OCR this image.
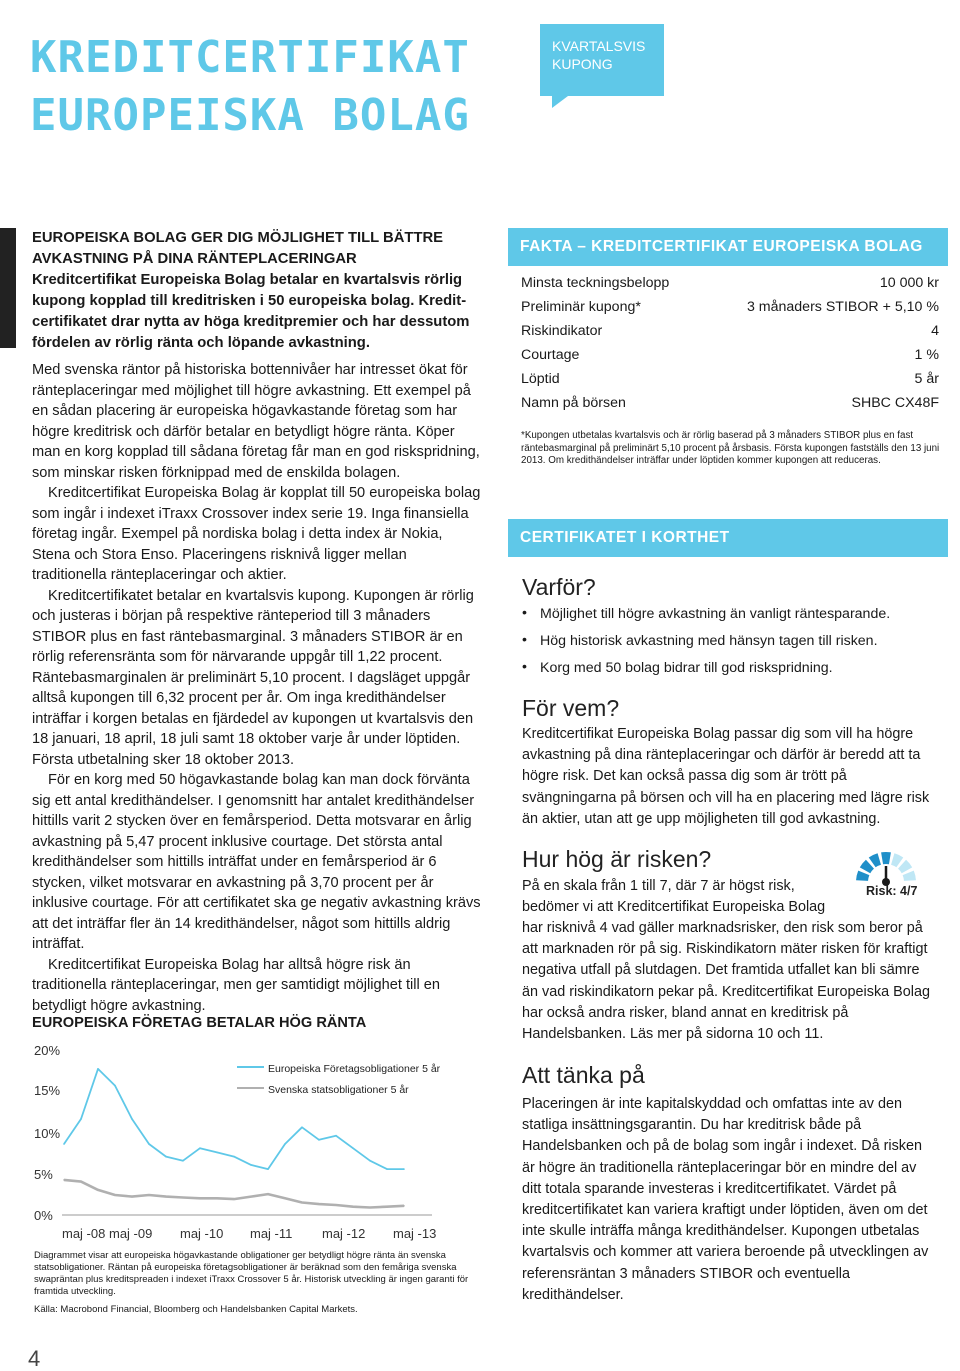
KREDITCERTIFIKAT
EUROPEISKA BOLAG
KVARTALSVIS
KUPONG

EUROPEISKA BOLAG GER DIG MÖJLIGHET TILL BÄTTRE

AVKASTNING PÅ DINA RÄNTEPLACERINGAR

Kreditcertifikat Europeiska Bolag betalar en kvartalsvis rörlig

kupong kopplad till kreditrisken i 50 europeiska bolag. Kredit-

certifikatet drar nytta av höga kreditpremier och har dessutom

fördelen av rörlig ränta och löpande avkastning.

Med svenska räntor på historiska bottennivåer har intresset ökat för ränteplaceringar med möjlighet till högre avkastning. Ett exempel på en sådan placering är europeiska högavkastande företag som har högre kreditrisk och därför betalar en betydligt högre ränta. Köper man en korg kopplad till sådana företag får man en god riskspridning, som minskar risken förknippad med de enskilda bolagen.

Kreditcertifikat Europeiska Bolag är kopplat till 50 europeiska bolag som ingår i indexet iTraxx Crossover index serie 19. Inga finansiella företag ingår. Exempel på nordiska bolag i detta index är Nokia, Stena och Stora Enso. Placeringens risknivå ligger mellan traditionella ränteplaceringar och aktier.

Kreditcertifikatet betalar en kvartalsvis kupong. Kupongen är rörlig och justeras i början på respektive ränteperiod till 3 månaders STIBOR plus en fast räntebasmarginal. 3 månaders STIBOR är en rörlig referensränta som för närvarande uppgår till 1,22 procent. Räntebasmarginalen är preliminärt 5,10 procent. I dagsläget uppgår alltså kupongen till 6,32 procent per år. Om inga kredithändelser inträffar i korgen betalas en fjärdedel av kupongen ut kvartalsvis den 18 januari, 18 april, 18 juli samt 18 oktober varje år under löptiden. Första utbetalning sker 18 oktober 2013.

För en korg med 50 högavkastande bolag kan man dock förvänta sig ett antal kredithändelser. I genomsnitt har antalet kredithändelser hittills varit 2 stycken över en femårsperiod. Detta motsvarar en årlig avkastning på 5,47 procent inklusive courtage. Det största antal kredithändelser som hittills inträffat under en femårsperiod är 6 stycken, vilket motsvarar en avkastning på 3,70 procent per år inklusive courtage. För att certifikatet ska ge negativ avkastning krävs att det inträffar fler än 14 kredithändelser, något som hittills aldrig inträffat.

Kreditcertifikat Europeiska Bolag har alltså högre risk än traditionella ränteplaceringar, men ger samtidigt möjlighet till en betydligt högre avkastning.

EUROPEISKA FÖRETAG BETALAR HÖG RÄNTA
20%
15%
10%
5%
0%
maj -08 maj -09 maj -10 maj -11 maj -12 maj -13
Europeiska Företagsobligationer 5 år
Svenska statsobligationer 5 år
Diagrammet visar att europeiska högavkastande obligationer ger betydligt högre ränta än svenska statsobligationer. Räntan på europeiska företagsobligationer är beräknad som den femåriga svenska swapräntan plus kreditspreaden i indexet iTraxx Crossover 5 år. Historisk utveckling är ingen garanti för framtida utveckling.
Källa: Macrobond Financial, Bloomberg och Handelsbanken Capital Markets.
4
FAKTA – KREDITCERTIFIKAT EUROPEISKA BOLAG
Minsta teckningsbelopp	10 000 kr
Preliminär kupong*	3 månaders STIBOR + 5,10 %
Riskindikator	4
Courtage	1 %
Löptid	5 år
Namn på börsen	SHBC CX48F
*Kupongen utbetalas kvartalsvis och är rörlig baserad på 3 månaders STIBOR plus en fast räntebasmarginal på preliminärt 5,10 procent på årsbasis. Första kupongen fastställs den 13 juni 2013. Om kredithändelser inträffar under löptiden kommer kupongen att reduceras.
CERTIFIKATET I KORTHET
Varför?
• Möjlighet till högre avkastning än vanligt räntesparande.
• Hög historisk avkastning med hänsyn tagen till risken.
• Korg med 50 bolag bidrar till god riskspridning.
För vem?
Kreditcertifikat Europeiska Bolag passar dig som vill ha högre avkastning på dina ränteplaceringar och därför är beredd att ta högre risk. Det kan också passa dig som är trött på svängningarna på börsen och vill ha en placering med lägre risk än aktier, utan att ge upp möjligheten till god avkastning.
Hur hög är risken?
På en skala från 1 till 7, där 7 är högst risk,
bedömer vi att Kreditcertifikat Europeiska Bolag
har risknivå 4 vad gäller marknadsrisker, den risk som beror på att marknaden rör på sig. Riskindikatorn mäter risken för kraftigt negativa utfall på slutdagen. Det framtida utfallet kan bli sämre än vad riskindikatorn pekar på. Kreditcertifikat Europeiska Bolag har också andra risker, bland annat en kreditrisk på Handelsbanken. Läs mer på sidorna 10 och 11.
Risk: 4/7
Att tänka på
Placeringen är inte kapitalskyddad och omfattas inte av den statliga insättningsgarantin. Du har kreditrisk både på Handelsbanken och på de bolag som ingår i indexet. Då risken är högre än traditionella ränteplaceringar bör en mindre del av ditt totala sparande investeras i kreditcertifikatet. Värdet på kreditcertifikatet kan variera kraftigt under löptiden, även om det inte skulle inträffa många kredithändelser. Kupongen utbetalas kvartalsvis och kommer att variera beroende på utvecklingen av referensräntan 3 månaders STIBOR och eventuella kredithändelser.
